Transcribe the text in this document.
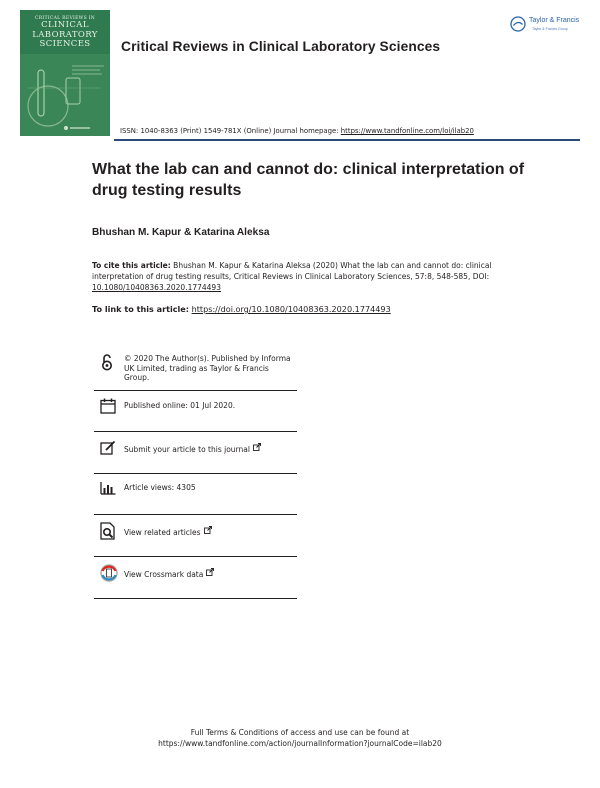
CRITICAL REVIEWS IN
CLINICAL
LABORATORY
SCIENCES	Critical Reviews in Clinical Laboratory Sciences
Taylor & Francis
Taylor & Francis Group
ISSN: 1040-8363 (Print) 1549-781X (Online) Journal homepage: https://www.tandfonline.com/loi/ilab20
What the lab can and cannot do: clinical interpretation of drug testing results
Bhushan M. Kapur & Katarina Aleksa
To cite this article: Bhushan M. Kapur & Katarina Aleksa (2020) What the lab can and cannot do: clinical interpretation of drug testing results, Critical Reviews in Clinical Laboratory Sciences, 57:8, 548-585, DOI: 10.1080/10408363.2020.1774493
To link to this article: https://doi.org/10.1080/10408363.2020.1774493
© 2020 The Author(s). Published by Informa UK Limited, trading as Taylor & Francis Group.
Published online: 01 Jul 2020.
Submit your article to this journal
Article views: 4305
View related articles
View Crossmark data
Full Terms & Conditions of access and use can be found at
https://www.tandfonline.com/action/journalInformation?journalCode=ilab20
